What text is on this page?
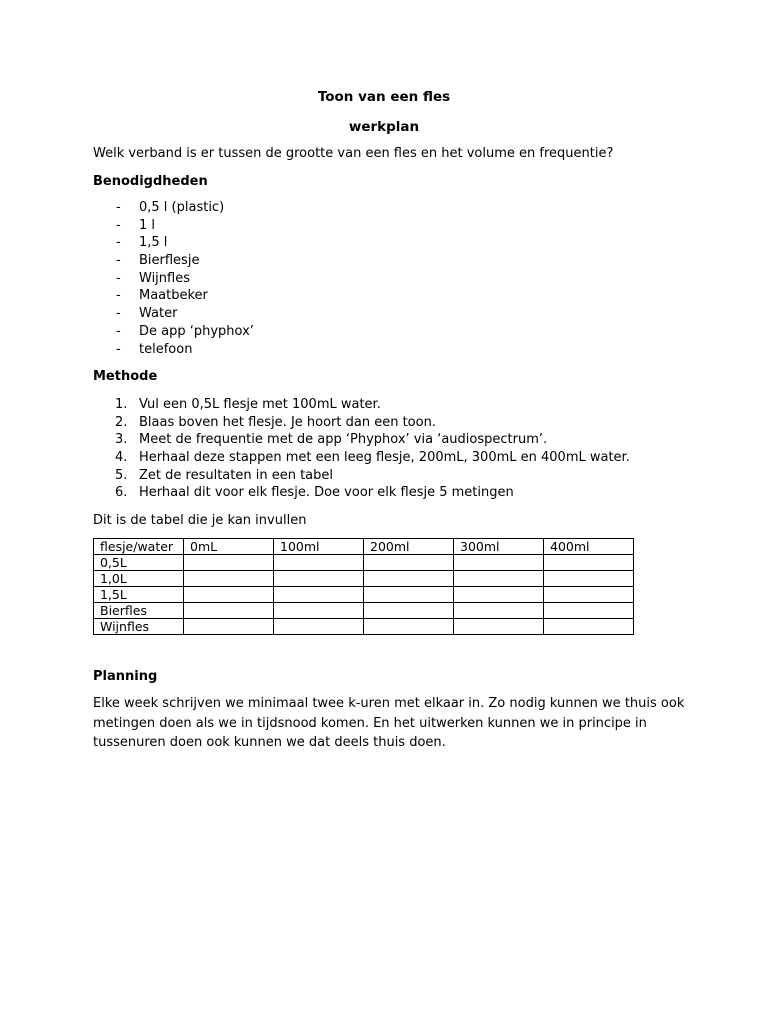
Toon van een fles
werkplan
Welk verband is er tussen de grootte van een fles en het volume en frequentie?
Benodigdheden
- 0,5 l (plastic)
- 1 l
- 1,5 l
- Bierflesje
- Wijnfles
- Maatbeker
- Water
- De app ‘phyphox’
- telefoon
Methode
1. Vul een 0,5L flesje met 100mL water.
2. Blaas boven het flesje. Je hoort dan een toon.
3. Meet de frequentie met de app ‘Phyphox’ via ‘audiospectrum’.
4. Herhaal deze stappen met een leeg flesje, 200mL, 300mL en 400mL water.
5. Zet de resultaten in een tabel
6. Herhaal dit voor elk flesje. Doe voor elk flesje 5 metingen
Dit is de tabel die je kan invullen
flesje/water	0mL	100ml	200ml	300ml	400ml
0,5L					
1,0L					
1,5L					
Bierfles					
Wijnfles					
Planning
Elke week schrijven we minimaal twee k-uren met elkaar in. Zo nodig kunnen we thuis ook metingen doen als we in tijdsnood komen. En het uitwerken kunnen we in principe in tussenuren doen ook kunnen we dat deels thuis doen.
